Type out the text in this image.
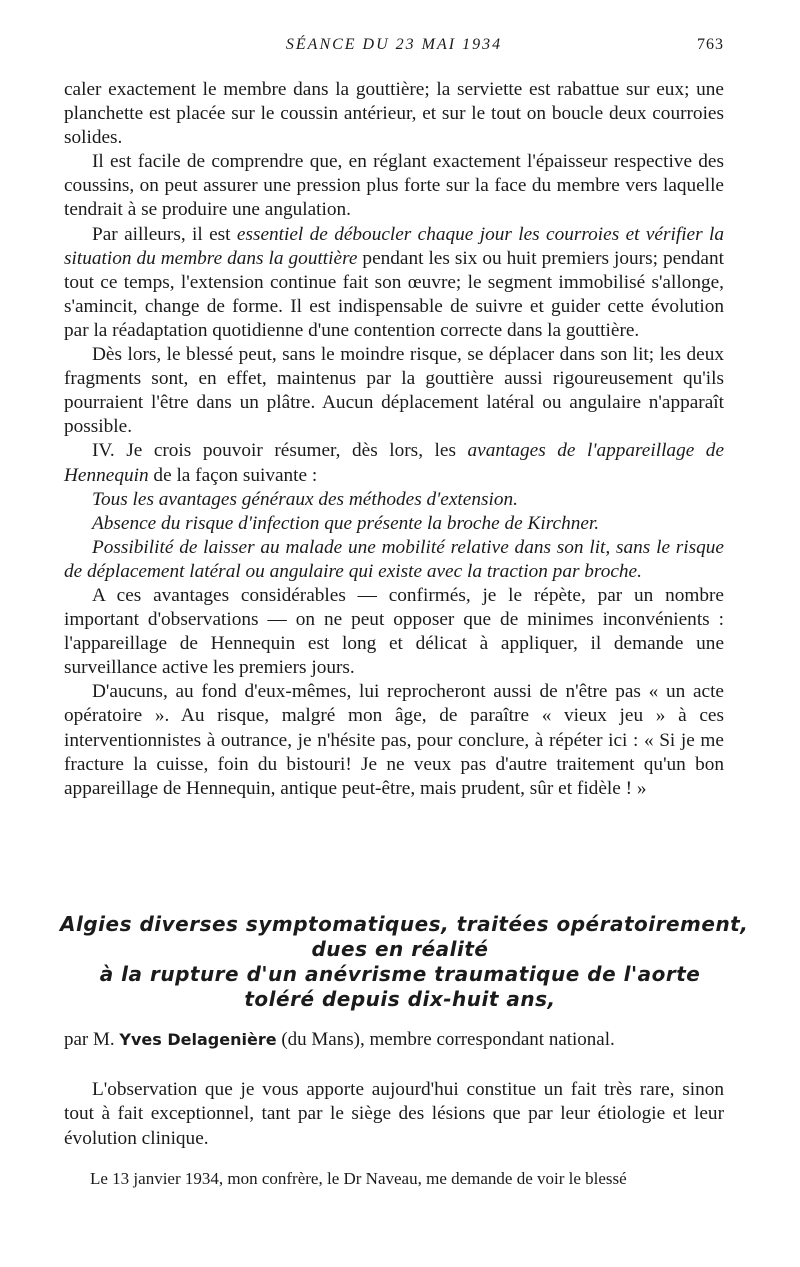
SÉANCE DU 23 MAI 1934	763

caler exactement le membre dans la gouttière; la serviette est rabattue sur eux; une planchette est placée sur le coussin antérieur, et sur le tout on boucle deux courroies solides.

Il est facile de comprendre que, en réglant exactement l'épaisseur respective des coussins, on peut assurer une pression plus forte sur la face du membre vers laquelle tendrait à se produire une angulation.

Par ailleurs, il est essentiel de déboucler chaque jour les courroies et vérifier la situation du membre dans la gouttière pendant les six ou huit premiers jours; pendant tout ce temps, l'extension continue fait son œuvre; le segment immobilisé s'allonge, s'amincit, change de forme. Il est indispensable de suivre et guider cette évolution par la réadaptation quotidienne d'une contention correcte dans la gouttière.

Dès lors, le blessé peut, sans le moindre risque, se déplacer dans son lit; les deux fragments sont, en effet, maintenus par la gouttière aussi rigoureusement qu'ils pourraient l'être dans un plâtre. Aucun déplacement latéral ou angulaire n'apparaît possible.

IV. Je crois pouvoir résumer, dès lors, les avantages de l'appareillage de Hennequin de la façon suivante :

Tous les avantages généraux des méthodes d'extension.

Absence du risque d'infection que présente la broche de Kirchner.

Possibilité de laisser au malade une mobilité relative dans son lit, sans le risque de déplacement latéral ou angulaire qui existe avec la traction par broche.

A ces avantages considérables — confirmés, je le répète, par un nombre important d'observations — on ne peut opposer que de minimes inconvénients : l'appareillage de Hennequin est long et délicat à appliquer, il demande une surveillance active les premiers jours.

D'aucuns, au fond d'eux-mêmes, lui reprocheront aussi de n'être pas « un acte opératoire ». Au risque, malgré mon âge, de paraître « vieux jeu » à ces interventionnistes à outrance, je n'hésite pas, pour conclure, à répéter ici : « Si je me fracture la cuisse, foin du bistouri! Je ne veux pas d'autre traitement qu'un bon appareillage de Hennequin, antique peut-être, mais prudent, sûr et fidèle ! »

Algies diverses symptomatiques, traitées opératoirement,
dues en réalité
à la rupture d'un anévrisme traumatique de l'aorte
toléré depuis dix-huit ans,
par M. Yves Delagenière (du Mans), membre correspondant national.

L'observation que je vous apporte aujourd'hui constitue un fait très rare, sinon tout à fait exceptionnel, tant par le siège des lésions que par leur étiologie et leur évolution clinique.

Le 13 janvier 1934, mon confrère, le Dr Naveau, me demande de voir le blessé
